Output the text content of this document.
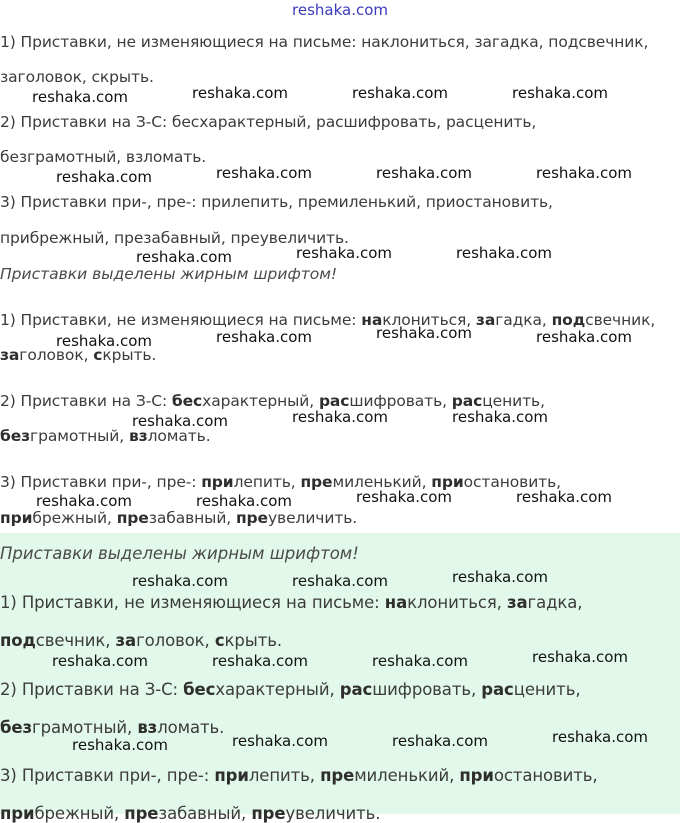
reshaka.com
1) Приставки, не изменяющиеся на письме: наклониться, загадка, подсвечник,
заголовок, скрыть.
2) Приставки на З-С: бесхарактерный, расшифровать, расценить,
безграмотный, взломать.
3) Приставки при-, пре-: прилепить, премиленький, приостановить,
прибрежный, презабавный, преувеличить.
Приставки выделены жирным шрифтом!
1) Приставки, не изменяющиеся на письме: наклониться, загадка, подсвечник,
заголовок, скрыть.
2) Приставки на З-С: бесхарактерный, расшифровать, расценить,
безграмотный, взломать.
3) Приставки при-, пре-: прилепить, премиленький, приостановить,
прибрежный, презабавный, преувеличить.
Приставки выделены жирным шрифтом!
1) Приставки, не изменяющиеся на письме: наклониться, загадка,
подсвечник, заголовок, скрыть.
2) Приставки на З-С: бесхарактерный, расшифровать, расценить,
безграмотный, взломать.
3) Приставки при-, пре-: прилепить, премиленький, приостановить,
прибрежный, презабавный, преувеличить.
reshaka.com	reshaka.com	reshaka.com	reshaka.com
reshaka.com	reshaka.com	reshaka.com	reshaka.com
reshaka.com	reshaka.com	reshaka.com
reshaka.com	reshaka.com	reshaka.com	reshaka.com
reshaka.com	reshaka.com	reshaka.com
reshaka.com	reshaka.com	reshaka.com	reshaka.com
reshaka.com	reshaka.com	reshaka.com
reshaka.com	reshaka.com	reshaka.com	reshaka.com
reshaka.com	reshaka.com	reshaka.com	reshaka.com
